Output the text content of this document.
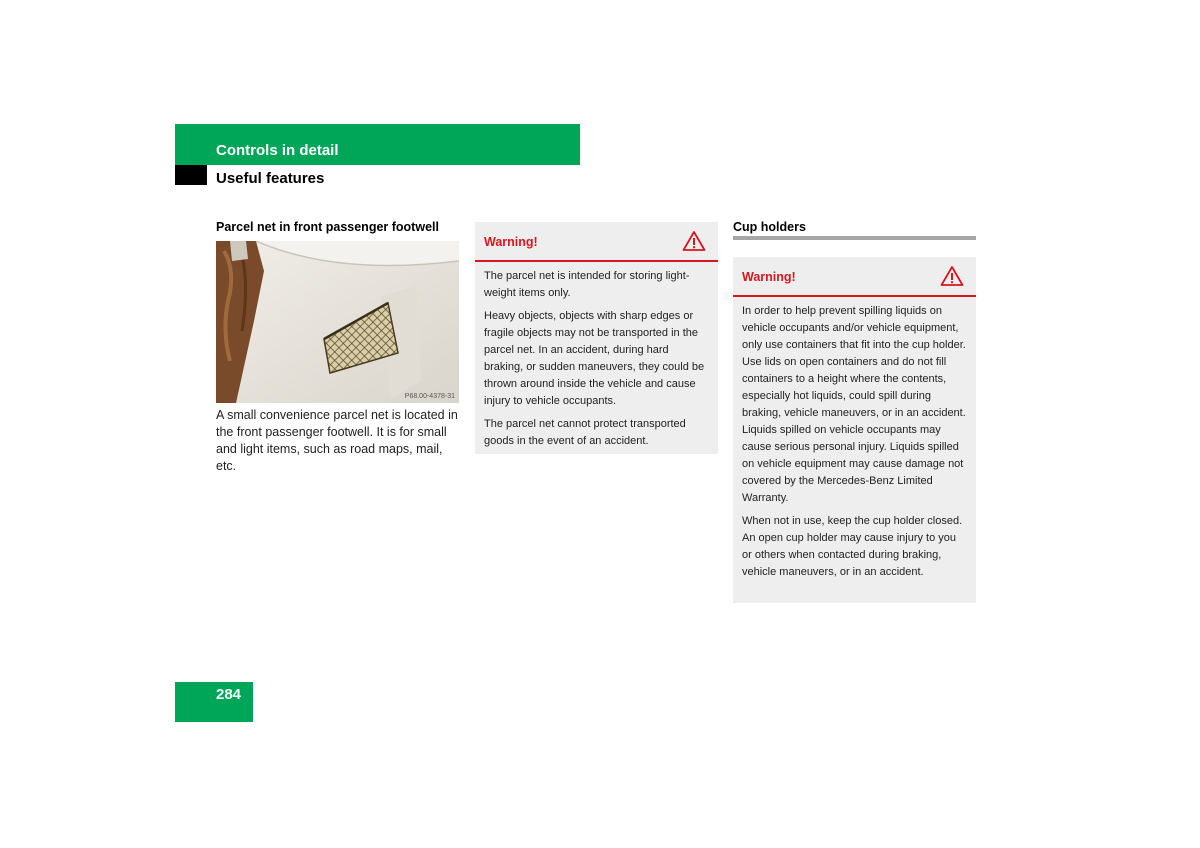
Controls in detail
Useful features
Parcel net in front passenger footwell
P68.00-4378-31
A small convenience parcel net is located in the front passenger footwell. It is for small and light items, such as road maps, mail, etc.
Warning!

The parcel net is intended for storing light-weight items only.

Heavy objects, objects with sharp edges or fragile objects may not be transported in the parcel net. In an accident, during hard braking, or sudden maneuvers, they could be thrown around inside the vehicle and cause injury to vehicle occupants.

The parcel net cannot protect transported goods in the event of an accident.

Cup holders
Warning!

In order to help prevent spilling liquids on vehicle occupants and/or vehicle equipment, only use containers that fit into the cup holder. Use lids on open containers and do not fill containers to a height where the contents, especially hot liquids, could spill during braking, vehicle maneuvers, or in an accident. Liquids spilled on vehicle occupants may cause serious personal injury. Liquids spilled on vehicle equipment may cause damage not covered by the Mercedes-Benz Limited Warranty.

When not in use, keep the cup holder closed. An open cup holder may cause injury to you or others when contacted during braking, vehicle maneuvers, or in an accident.

284
